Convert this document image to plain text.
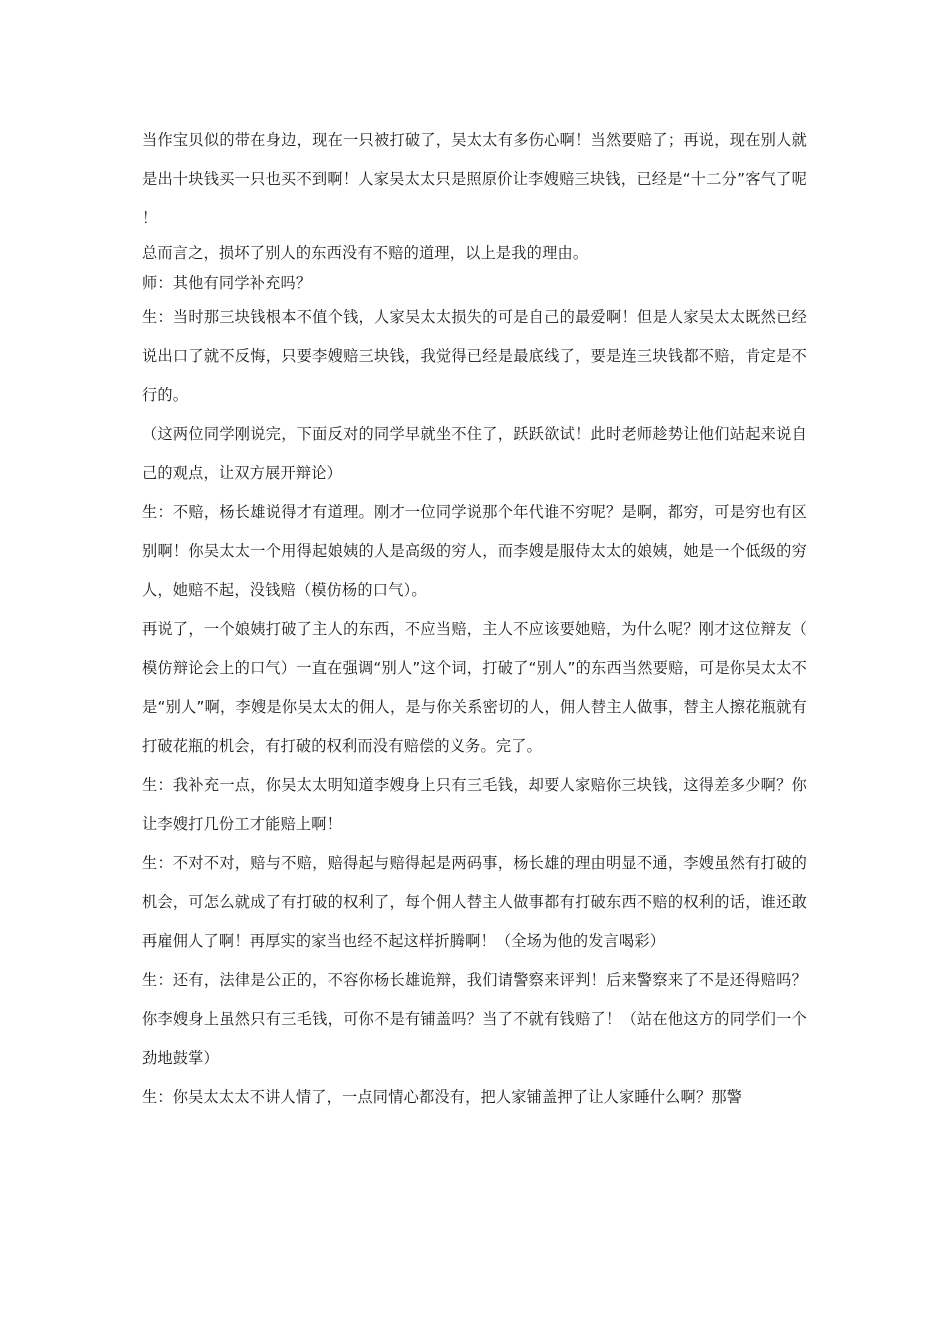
当作宝贝似的带在身边，现在一只被打破了，吴太太有多伤心啊！当然要赔了；再说，现在别人就是出十块钱买一只也买不到啊！人家吴太太只是照原价让李嫂赔三块钱，已经是“十二分”客气了呢！

总而言之，损坏了别人的东西没有不赔的道理，以上是我的理由。

师：其他有同学补充吗？

生：当时那三块钱根本不值个钱，人家吴太太损失的可是自己的最爱啊！但是人家吴太太既然已经说出口了就不反悔，只要李嫂赔三块钱，我觉得已经是最底线了，要是连三块钱都不赔，肯定是不行的。

（这两位同学刚说完，下面反对的同学早就坐不住了，跃跃欲试！此时老师趁势让他们站起来说自己的观点，让双方展开辩论）

生：不赔，杨长雄说得才有道理。刚才一位同学说那个年代谁不穷呢？是啊，都穷，可是穷也有区别啊！你吴太太一个用得起娘姨的人是高级的穷人，而李嫂是服侍太太的娘姨，她是一个低级的穷人，她赔不起，没钱赔（模仿杨的口气）。

再说了，一个娘姨打破了主人的东西，不应当赔，主人不应该要她赔，为什么呢？刚才这位辩友（模仿辩论会上的口气）一直在强调“别人”这个词，打破了“别人”的东西当然要赔，可是你吴太太不是“别人”啊，李嫂是你吴太太的佣人，是与你关系密切的人，佣人替主人做事，替主人擦花瓶就有打破花瓶的机会，有打破的权利而没有赔偿的义务。完了。

生：我补充一点，你吴太太明知道李嫂身上只有三毛钱，却要人家赔你三块钱，这得差多少啊？你让李嫂打几份工才能赔上啊！

生：不对不对，赔与不赔，赔得起与赔得起是两码事，杨长雄的理由明显不通，李嫂虽然有打破的机会，可怎么就成了有打破的权利了，每个佣人替主人做事都有打破东西不赔的权利的话，谁还敢再雇佣人了啊！再厚实的家当也经不起这样折腾啊！（全场为他的发言喝彩）

生：还有，法律是公正的，不容你杨长雄诡辩，我们请警察来评判！后来警察来了不是还得赔吗？你李嫂身上虽然只有三毛钱，可你不是有铺盖吗？当了不就有钱赔了！（站在他这方的同学们一个劲地鼓掌）

生：你吴太太太不讲人情了，一点同情心都没有，把人家铺盖押了让人家睡什么啊？那警
